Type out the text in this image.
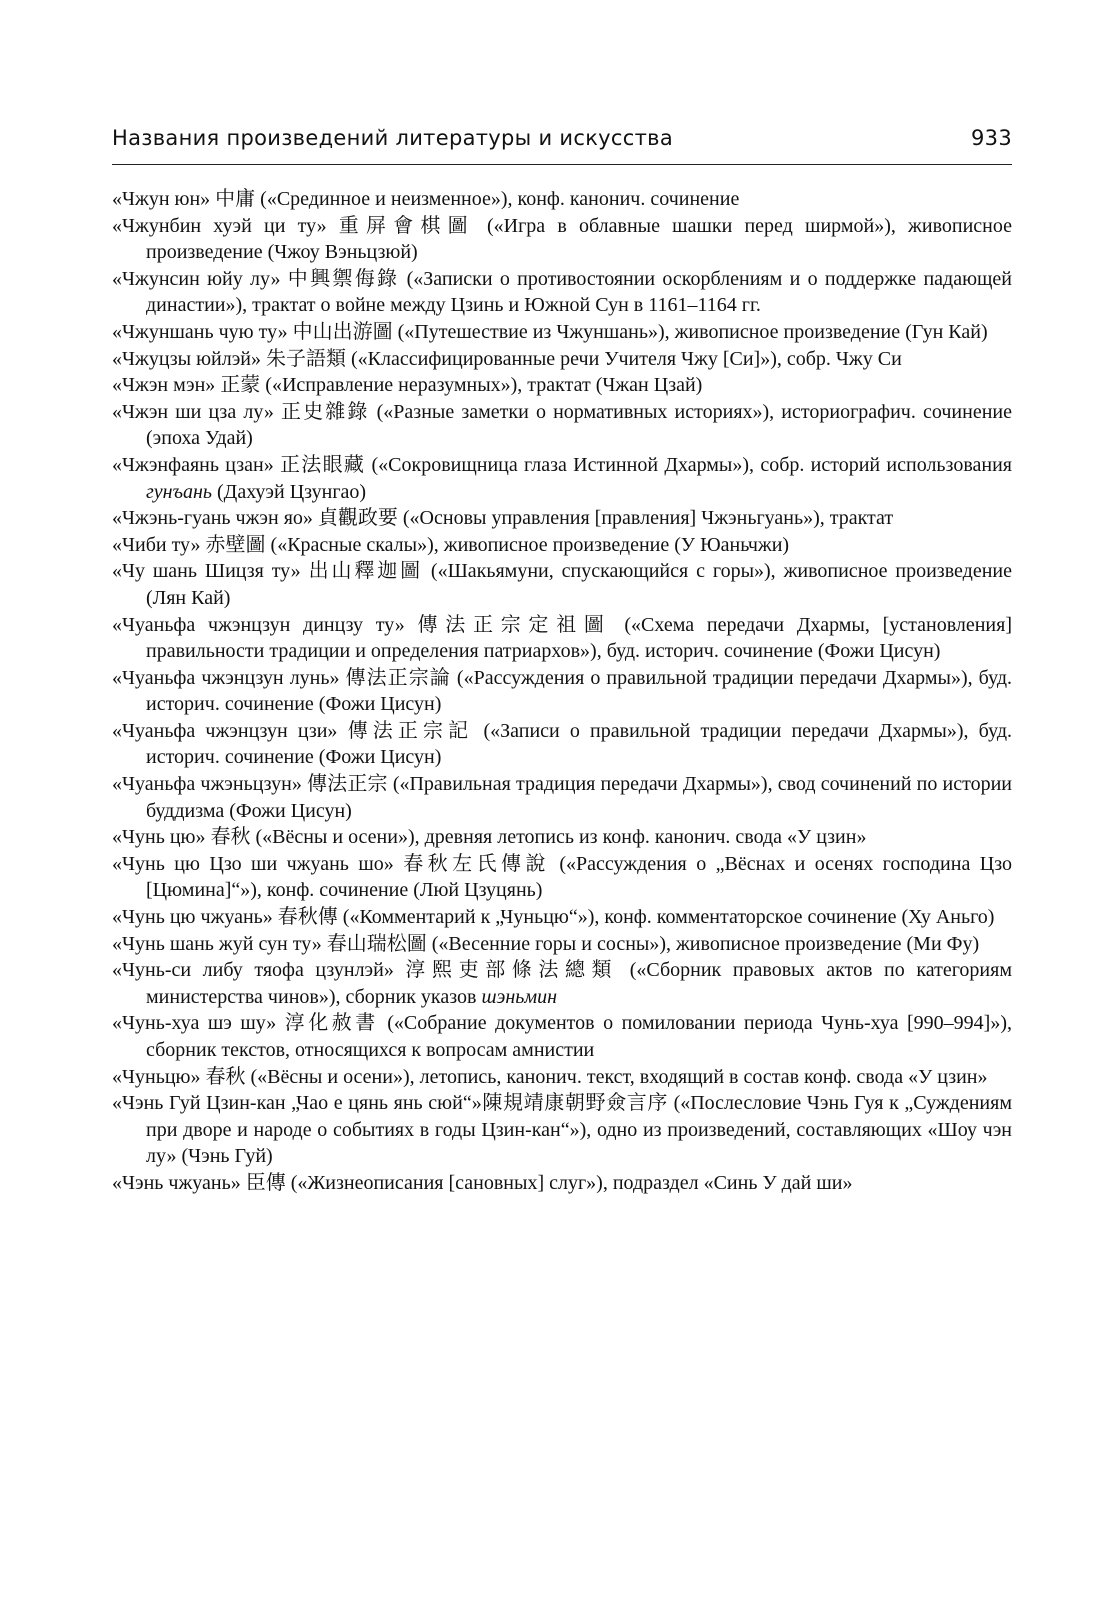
Названия произведений литературы и искусства	933

«Чжун юн» 中庸 («Срединное и неизменное»), конф. канонич. сочинение

«Чжунбин хуэй ци ту» 重屏會棋圖 («Игра в облавные шашки перед ширмой»), живописное произведение (Чжоу Вэньцзюй)

«Чжунсин юйу лу» 中興禦侮錄 («Записки о противостоянии оскорблениям и о поддержке падающей династии»), трактат о войне между Цзинь и Южной Сун в 1161–1164 гг.

«Чжуншань чую ту» 中山出游圖 («Путешествие из Чжуншань»), живописное произведение (Гун Кай)

«Чжуцзы юйлэй» 朱子語類 («Классифицированные речи Учителя Чжу [Си]»), собр. Чжу Си

«Чжэн мэн» 正蒙 («Исправление неразумных»), трактат (Чжан Цзай)

«Чжэн ши цза лу» 正史雜錄 («Разные заметки о нормативных историях»), историографич. сочинение (эпоха Удай)

«Чжэнфаянь цзан» 正法眼藏 («Сокровищница глаза Истинной Дхармы»), собр. историй использования гунъань (Дахуэй Цзунгао)

«Чжэнь-гуань чжэн яо» 貞觀政要 («Основы управления [правления] Чжэньгуань»), трактат

«Чиби ту» 赤壁圖 («Красные скалы»), живописное произведение (У Юаньчжи)

«Чу шань Шицзя ту» 出山釋迦圖 («Шакьямуни, спускающийся с горы»), живописное произведение (Лян Кай)

«Чуаньфа чжэнцзун динцзу ту» 傳法正宗定祖圖 («Схема передачи Дхармы, [установления] правильности традиции и определения патриархов»), буд. историч. сочинение (Фожи Цисун)

«Чуаньфа чжэнцзун лунь» 傳法正宗論 («Рассуждения о правильной традиции передачи Дхармы»), буд. историч. сочинение (Фожи Цисун)

«Чуаньфа чжэнцзун цзи» 傳法正宗記 («Записи о правильной традиции передачи Дхармы»), буд. историч. сочинение (Фожи Цисун)

«Чуаньфа чжэньцзун» 傳法正宗 («Правильная традиция передачи Дхармы»), свод сочинений по истории буддизма (Фожи Цисун)

«Чунь цю» 春秋 («Вёсны и осени»), древняя летопись из конф. канонич. свода «У цзин»

«Чунь цю Цзо ши чжуань шо» 春秋左氏傳說 («Рассуждения о „Вёснах и осенях господина Цзо [Цюмина]“»), конф. сочинение (Люй Цзуцянь)

«Чунь цю чжуань» 春秋傳 («Комментарий к „Чуньцю“»), конф. комментаторское сочинение (Ху Аньго)

«Чунь шань жуй сун ту» 春山瑞松圖 («Весенние горы и сосны»), живописное произведение (Ми Фу)

«Чунь-си либу тяофа цзунлэй» 淳熙吏部條法總類 («Сборник правовых актов по категориям министерства чинов»), сборник указов шэньмин

«Чунь-хуа шэ шу» 淳化赦書 («Собрание документов о помиловании периода Чунь-хуа [990–994]»), сборник текстов, относящихся к вопросам амнистии

«Чуньцю» 春秋 («Вёсны и осени»), летопись, канонич. текст, входящий в состав конф. свода «У цзин»

«Чэнь Гуй Цзин-кан „Чао е цянь янь сюй“»陳規靖康朝野僉言序 («Послесловие Чэнь Гуя к „Суждениям при дворе и народе о событиях в годы Цзин-кан“»), одно из произведений, составляющих «Шоу чэн лу» (Чэнь Гуй)

«Чэнь чжуань» 臣傳 («Жизнеописания [сановных] слуг»), подраздел «Синь У дай ши»
